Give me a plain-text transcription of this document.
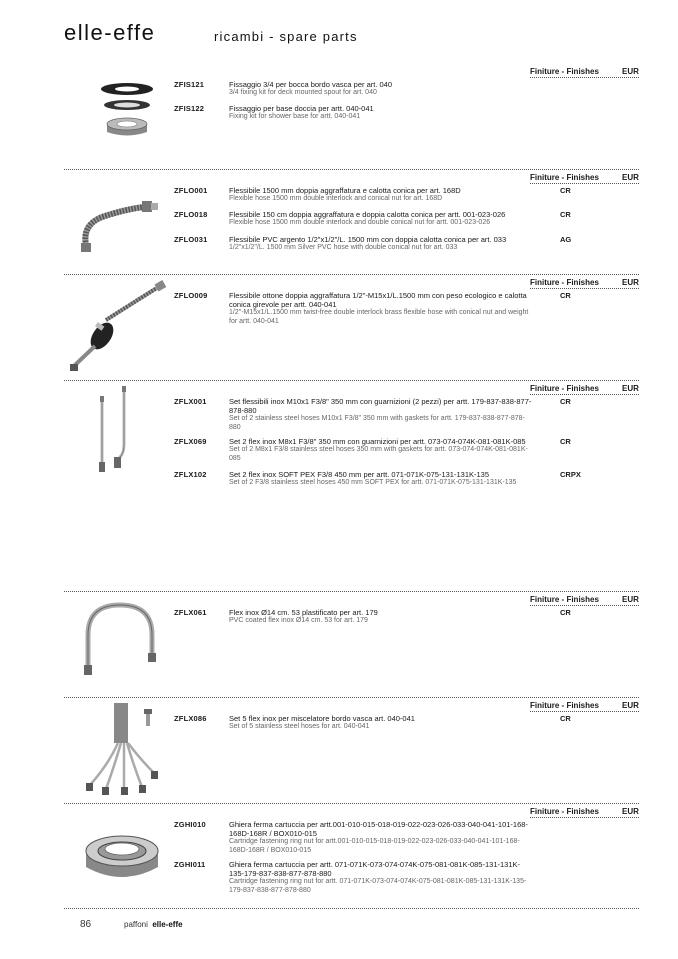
elle-effe	ricambi - spare parts
Finiture - Finishes	EUR
ZFIS121	Fissaggio 3/4 per bocca bordo vasca per art. 040
3/4 fixing kit for deck mounted spout for art. 040
ZFIS122	Fissaggio per base doccia per artt. 040-041
Fixing kit for shower base for artt. 040-041
Finiture - Finishes	EUR
ZFLO001	Flessibile 1500 mm doppia aggraffatura e calotta conica per art. 168D
Flexible hose 1500 mm double interlock and conical nut for art. 168D
CR
ZFLO018	Flessibile 150 cm doppia aggraffatura e doppia calotta conica per artt. 001-023-026
Flexible hose 1500 mm double interlock and double conical nut for artt. 001-023-026
CR
ZFLO031	Flessibile PVC argento 1/2"x1/2"/L. 1500 mm con doppia calotta conica per art. 033
1/2"x1/2"/L. 1500 mm Silver PVC hose with double conical nut for art. 033
AG
Finiture - Finishes	EUR
ZFLO009	Flessibile ottone doppia aggraffatura 1/2"-M15x1/L.1500 mm con peso ecologico e calotta conica girevole per artt. 040-041
1/2"-M15x1/L.1500 mm twist-free double interlock brass flexible hose with conical nut and weight for artt. 040-041
CR
Finiture - Finishes	EUR
ZFLX001	Set flessibili inox M10x1 F3/8" 350 mm con guarnizioni (2 pezzi) per artt. 179-837-838-877-878-880
Set of 2 stainless steel hoses M10x1 F3/8" 350 mm with gaskets for artt. 179-837-838-877-878-880
CR
ZFLX069	Set 2 flex inox M8x1 F3/8" 350 mm con guarnizioni per artt. 073-074-074K-081-081K-085
Set of 2 M8x1 F3/8 stainless steel hoses 350 mm with gaskets for artt. 073-074-074K-081-081K-085
CR
ZFLX102	Set 2 flex inox SOFT PEX F3/8 450 mm per artt. 071-071K-075-131-131K-135
Set of 2 F3/8 stainless steel hoses 450 mm SOFT PEX for artt. 071-071K-075-131-131K-135
CRPX
Finiture - Finishes	EUR
ZFLX061	Flex inox Ø14 cm. 53 plastificato per art. 179
PVC coated flex inox Ø14 cm. 53 for art. 179
CR
Finiture - Finishes	EUR
ZFLX086	Set 5 flex inox per miscelatore bordo vasca art. 040-041
Set of 5 stainless steel hoses for art. 040-041
CR
Finiture - Finishes	EUR
ZGHI010	Ghiera ferma cartuccia per artt.001-010-015-018-019-022-023-026-033-040-041-101-168-168D-168R / BOX010-015
Cartridge fastening ring nut for artt.001-010-015-018-019-022-023-026-033-040-041-101-168-168D-168R / BOX010-015
ZGHI011	Ghiera ferma cartuccia per artt. 071-071K-073-074-074K-075-081-081K-085-131-131K-135-179-837-838-877-878-880
Cartridge fastening ring nut for artt. 071-071K-073-074-074K-075-081-081K-085-131-131K-135-179-837-838-877-878-880
86	paffoni elle-effe
